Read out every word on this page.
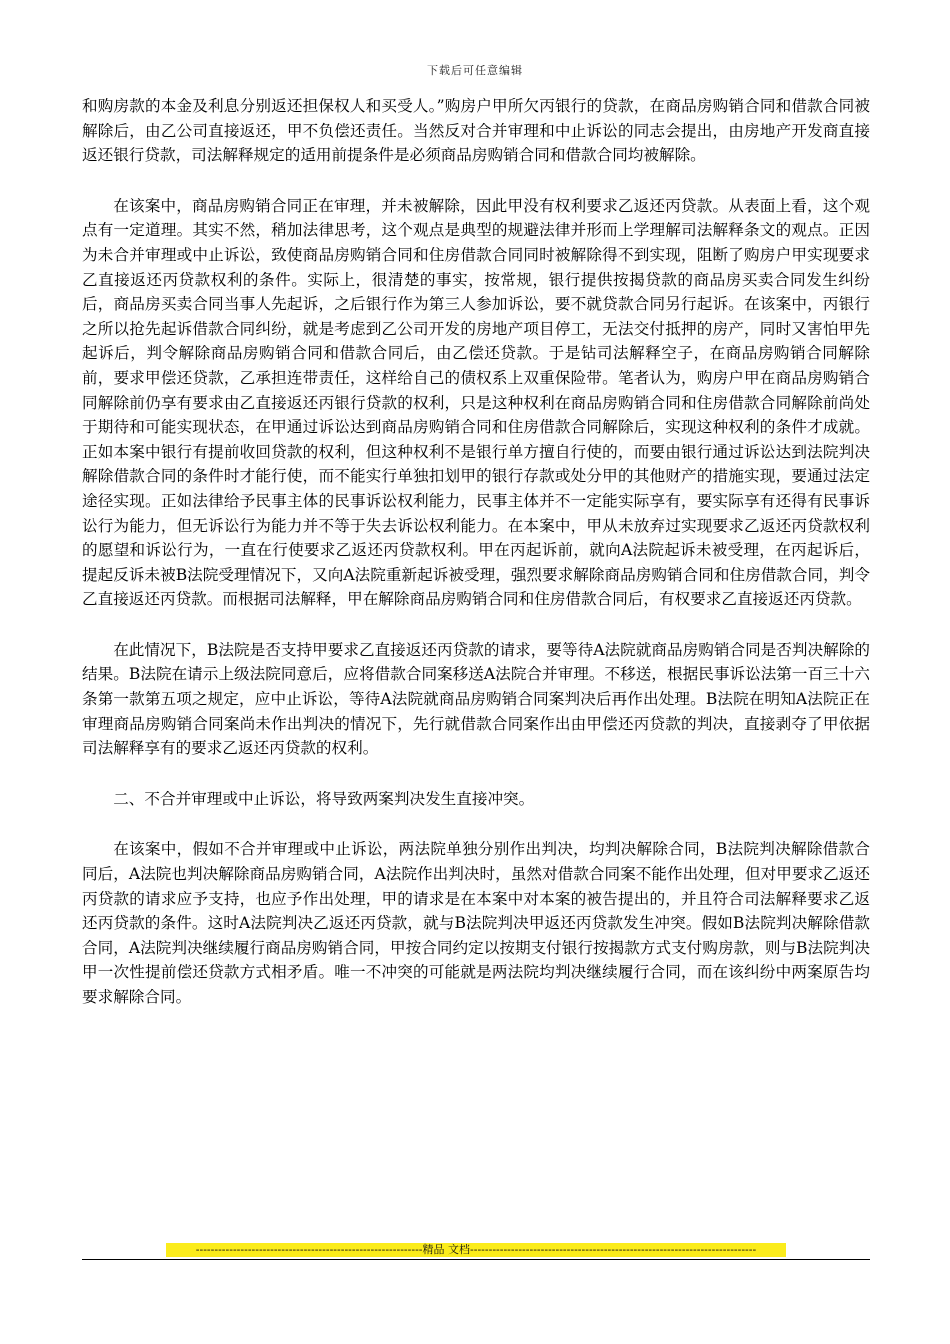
下载后可任意编辑

和购房款的本金及利息分别返还担保权人和买受人。”购房户甲所欠丙银行的贷款，在商品房购销合同和借款合同被解除后，由乙公司直接返还，甲不负偿还责任。当然反对合并审理和中止诉讼的同志会提出，由房地产开发商直接返还银行贷款，司法解释规定的适用前提条件是必须商品房购销合同和借款合同均被解除。

在该案中，商品房购销合同正在审理，并未被解除，因此甲没有权利要求乙返还丙贷款。从表面上看，这个观点有一定道理。其实不然，稍加法律思考，这个观点是典型的规避法律并形而上学理解司法解释条文的观点。正因为未合并审理或中止诉讼，致使商品房购销合同和住房借款合同同时被解除得不到实现，阻断了购房户甲实现要求乙直接返还丙贷款权利的条件。实际上，很清楚的事实，按常规，银行提供按揭贷款的商品房买卖合同发生纠纷后，商品房买卖合同当事人先起诉，之后银行作为第三人参加诉讼，要不就贷款合同另行起诉。在该案中，丙银行之所以抢先起诉借款合同纠纷，就是考虑到乙公司开发的房地产项目停工，无法交付抵押的房产，同时又害怕甲先起诉后，判令解除商品房购销合同和借款合同后，由乙偿还贷款。于是钻司法解释空子，在商品房购销合同解除前，要求甲偿还贷款，乙承担连带责任，这样给自己的债权系上双重保险带。笔者认为，购房户甲在商品房购销合同解除前仍享有要求由乙直接返还丙银行贷款的权利，只是这种权利在商品房购销合同和住房借款合同解除前尚处于期待和可能实现状态，在甲通过诉讼达到商品房购销合同和住房借款合同解除后，实现这种权利的条件才成就。正如本案中银行有提前收回贷款的权利，但这种权利不是银行单方擅自行使的，而要由银行通过诉讼达到法院判决解除借款合同的条件时才能行使，而不能实行单独扣划甲的银行存款或处分甲的其他财产的措施实现，要通过法定途径实现。正如法律给予民事主体的民事诉讼权利能力，民事主体并不一定能实际享有，要实际享有还得有民事诉讼行为能力，但无诉讼行为能力并不等于失去诉讼权利能力。在本案中，甲从未放弃过实现要求乙返还丙贷款权利的愿望和诉讼行为，一直在行使要求乙返还丙贷款权利。甲在丙起诉前，就向A法院起诉未被受理，在丙起诉后，提起反诉未被B法院受理情况下，又向A法院重新起诉被受理，强烈要求解除商品房购销合同和住房借款合同，判令乙直接返还丙贷款。而根据司法解释，甲在解除商品房购销合同和住房借款合同后，有权要求乙直接返还丙贷款。

在此情况下，B法院是否支持甲要求乙直接返还丙贷款的请求，要等待A法院就商品房购销合同是否判决解除的结果。B法院在请示上级法院同意后，应将借款合同案移送A法院合并审理。不移送，根据民事诉讼法第一百三十六条第一款第五项之规定，应中止诉讼，等待A法院就商品房购销合同案判决后再作出处理。B法院在明知A法院正在审理商品房购销合同案尚未作出判决的情况下，先行就借款合同案作出由甲偿还丙贷款的判决，直接剥夺了甲依据司法解释享有的要求乙返还丙贷款的权利。

二、不合并审理或中止诉讼，将导致两案判决发生直接冲突。

在该案中，假如不合并审理或中止诉讼，两法院单独分别作出判决，均判决解除合同，B法院判决解除借款合同后，A法院也判决解除商品房购销合同，A法院作出判决时，虽然对借款合同案不能作出处理，但对甲要求乙返还丙贷款的请求应予支持，也应予作出处理，甲的请求是在本案中对本案的被告提出的，并且符合司法解释要求乙返还丙贷款的条件。这时A法院判决乙返还丙贷款，就与B法院判决甲返还丙贷款发生冲突。假如B法院判决解除借款合同，A法院判决继续履行商品房购销合同，甲按合同约定以按期支付银行按揭款方式支付购房款，则与B法院判决甲一次性提前偿还贷款方式相矛盾。唯一不冲突的可能就是两法院均判决继续履行合同，而在该纠纷中两案原告均要求解除合同。

-------------------------------------------------------------精品 文档-----------------------------------------------------------------------------
